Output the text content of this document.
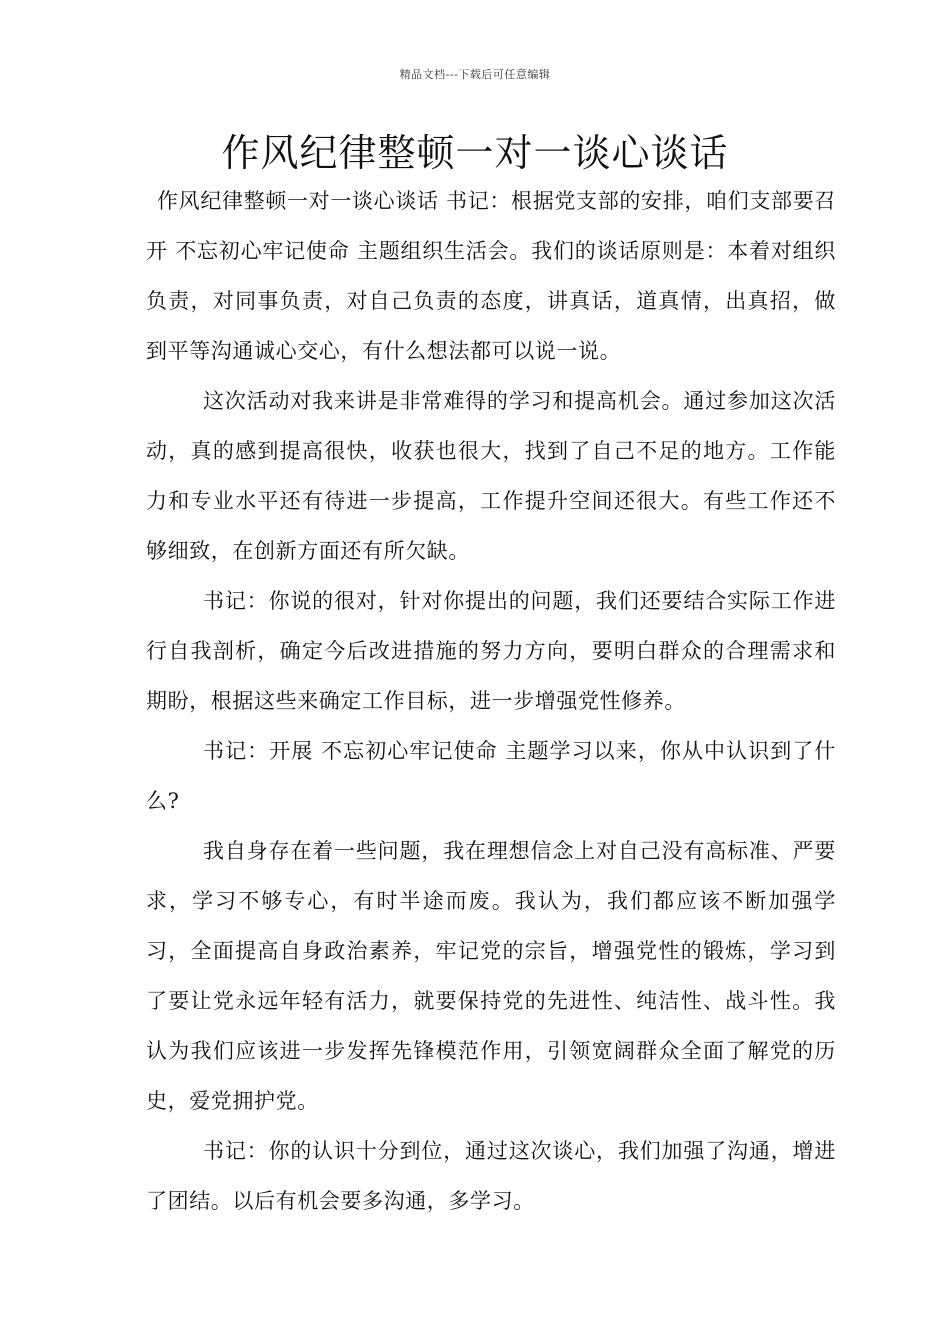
精品文档---下载后可任意编辑
作风纪律整顿一对一谈心谈话

作风纪律整顿一对一谈心谈话 书记：根据党支部的安排，咱们支部要召开 不忘初心牢记使命 主题组织生活会。我们的谈话原则是：本着对组织负责，对同事负责，对自己负责的态度，讲真话，道真情，出真招，做到平等沟通诚心交心，有什么想法都可以说一说。

这次活动对我来讲是非常难得的学习和提高机会。通过参加这次活动，真的感到提高很快，收获也很大，找到了自己不足的地方。工作能力和专业水平还有待进一步提高，工作提升空间还很大。有些工作还不够细致，在创新方面还有所欠缺。

书记：你说的很对，针对你提出的问题，我们还要结合实际工作进行自我剖析，确定今后改进措施的努力方向，要明白群众的合理需求和期盼，根据这些来确定工作目标，进一步增强党性修养。

书记：开展 不忘初心牢记使命 主题学习以来，你从中认识到了什么?

我自身存在着一些问题，我在理想信念上对自己没有高标准、严要求，学习不够专心，有时半途而废。我认为，我们都应该不断加强学习，全面提高自身政治素养，牢记党的宗旨，增强党性的锻炼，学习到了要让党永远年轻有活力，就要保持党的先进性、纯洁性、战斗性。我认为我们应该进一步发挥先锋模范作用，引领宽阔群众全面了解党的历史，爱党拥护党。

书记：你的认识十分到位，通过这次谈心，我们加强了沟通，增进了团结。以后有机会要多沟通，多学习。
